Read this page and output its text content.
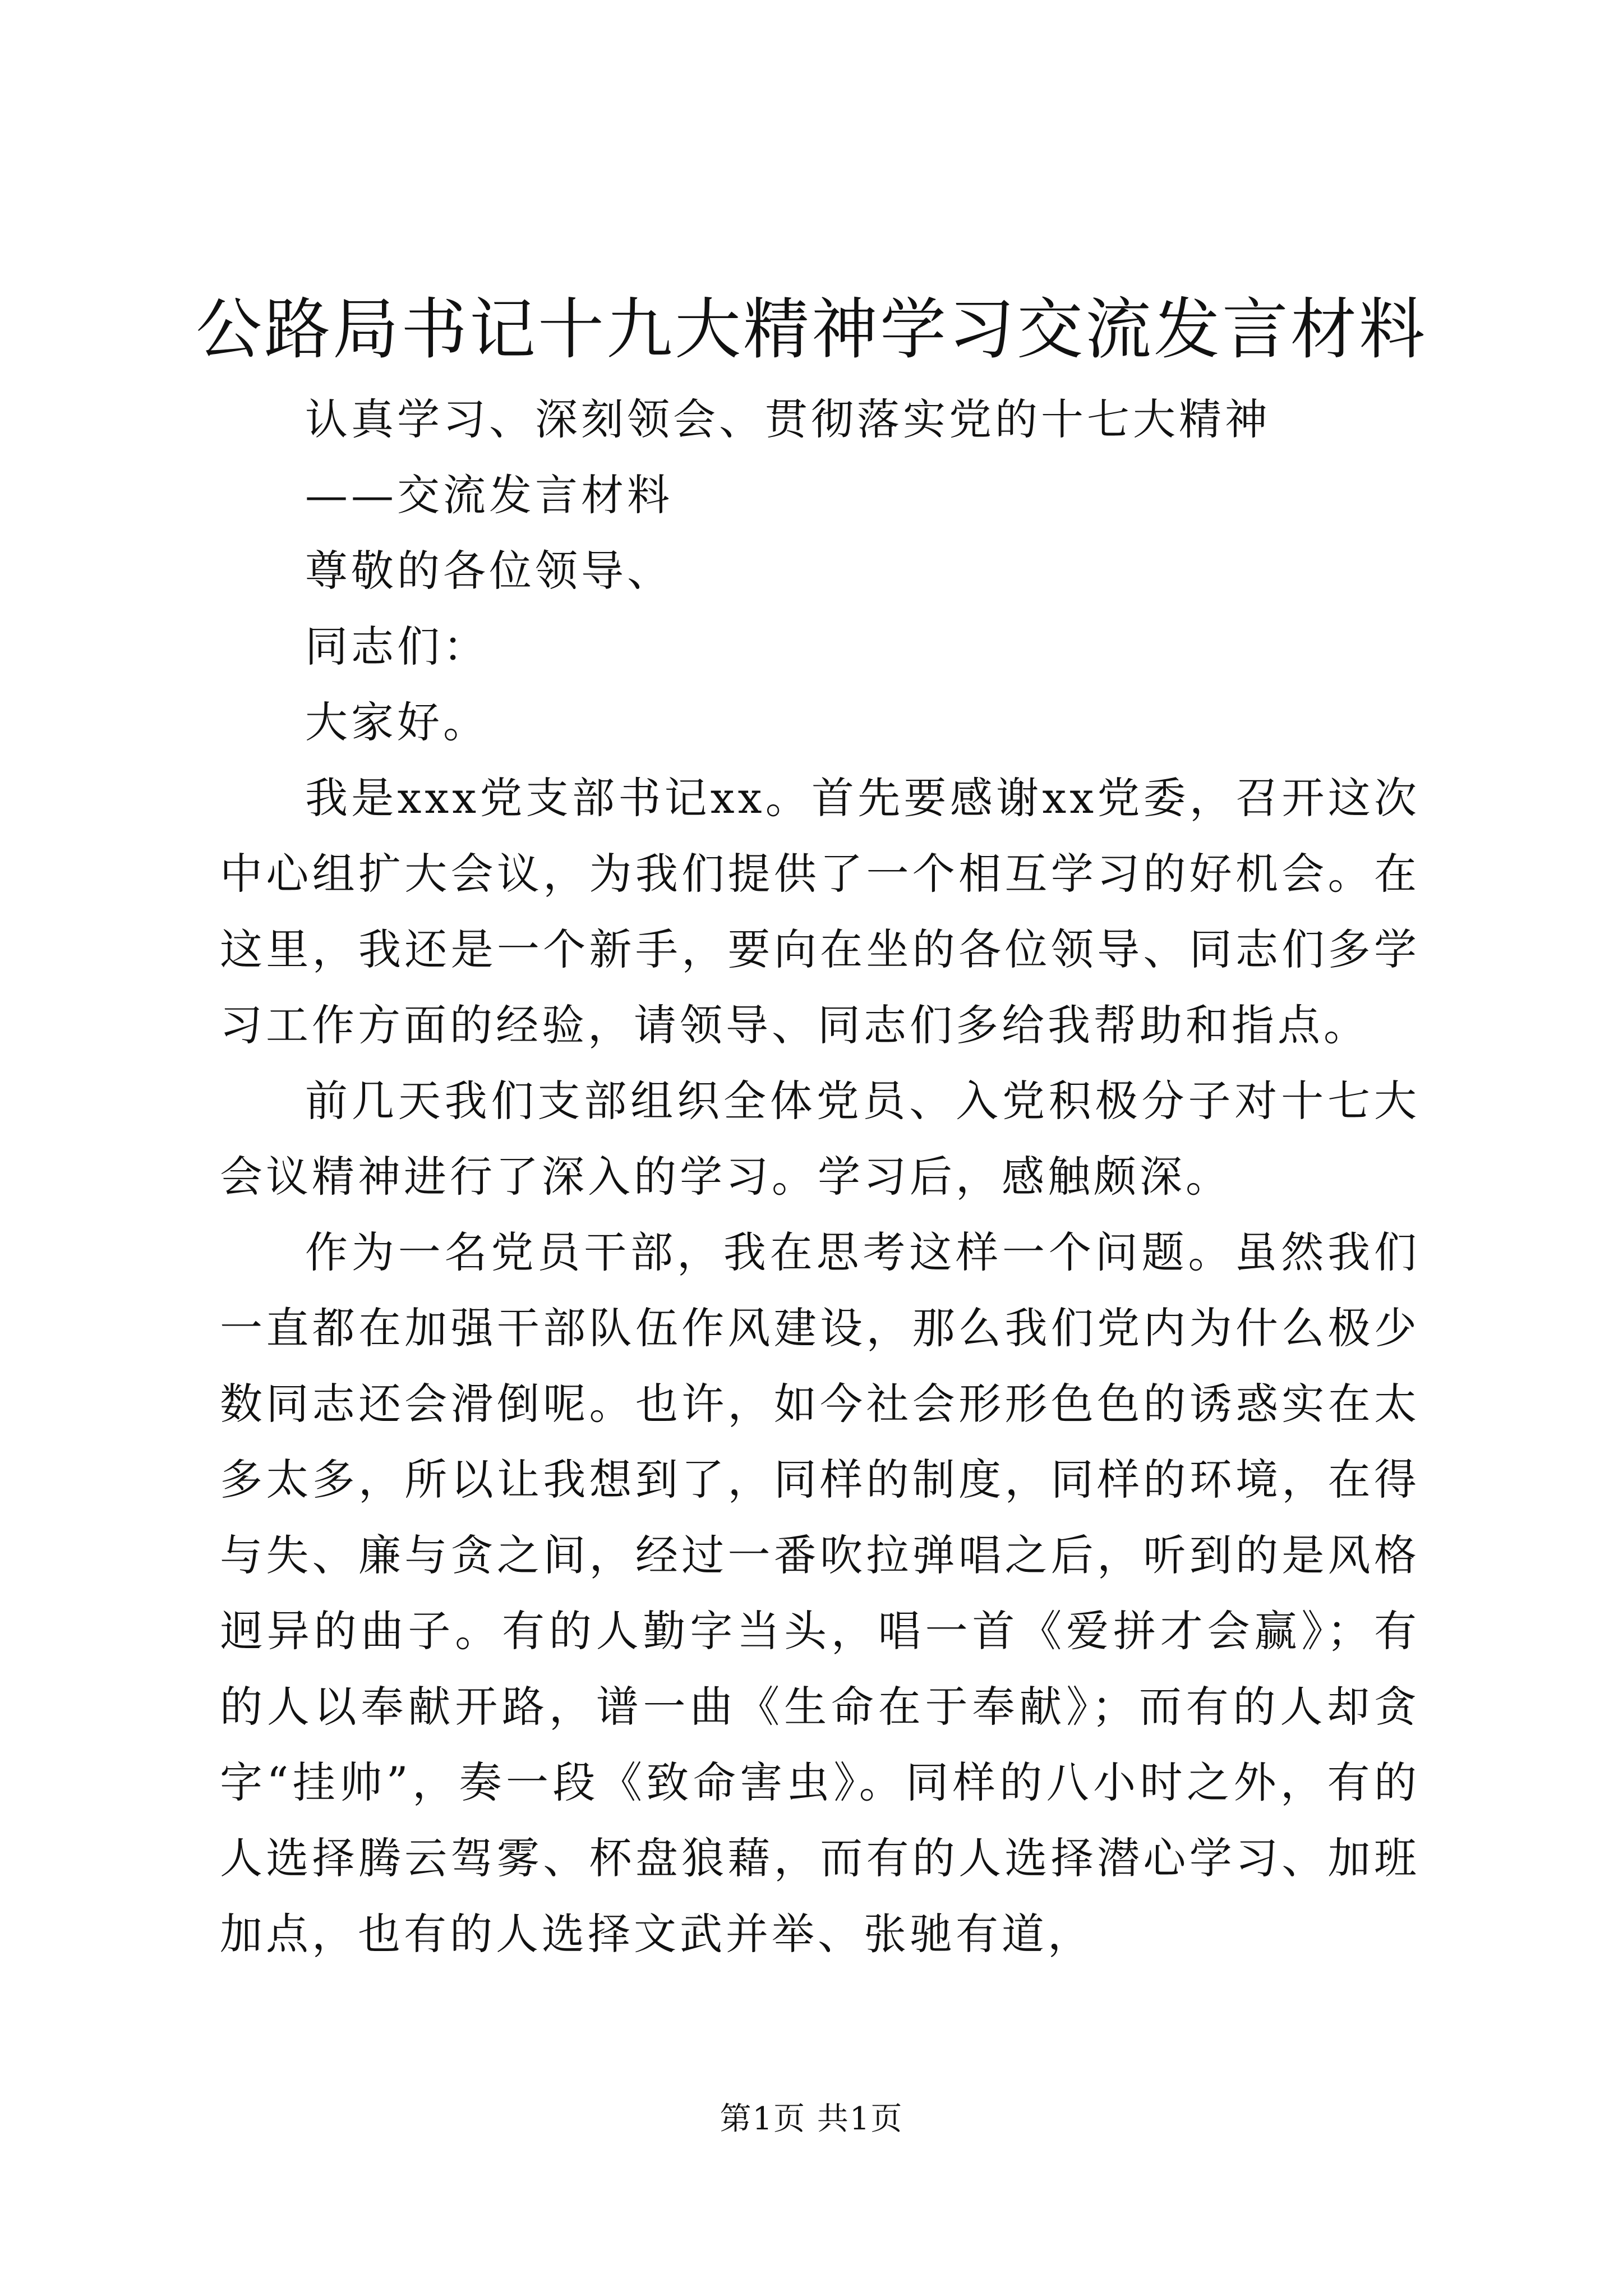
公路局书记十九大精神学习交流发言材料

认真学习、深刻领会、贯彻落实党的十七大精神

——交流发言材料

尊敬的各位领导、

同志们：

大家好。

我是xxx党支部书记xx。首先要感谢xx党委，召开这次中心组扩大会议，为我们提供了一个相互学习的好机会。在这里，我还是一个新手，要向在坐的各位领导、同志们多学习工作方面的经验，请领导、同志们多给我帮助和指点。

前几天我们支部组织全体党员、入党积极分子对十七大会议精神进行了深入的学习。学习后，感触颇深。

作为一名党员干部，我在思考这样一个问题。虽然我们一直都在加强干部队伍作风建设，那么我们党内为什么极少数同志还会滑倒呢。也许，如今社会形形色色的诱惑实在太多太多，所以让我想到了，同样的制度，同样的环境，在得与失、廉与贪之间，经过一番吹拉弹唱之后，听到的是风格迥异的曲子。有的人勤字当头，唱一首《爱拼才会赢》；有的人以奉献开路，谱一曲《生命在于奉献》；而有的人却贪字“挂帅”，奏一段《致命害虫》。同样的八小时之外，有的人选择腾云驾雾、杯盘狼藉，而有的人选择潜心学习、加班加点，也有的人选择文武并举、张驰有道，

第1页 共1页
